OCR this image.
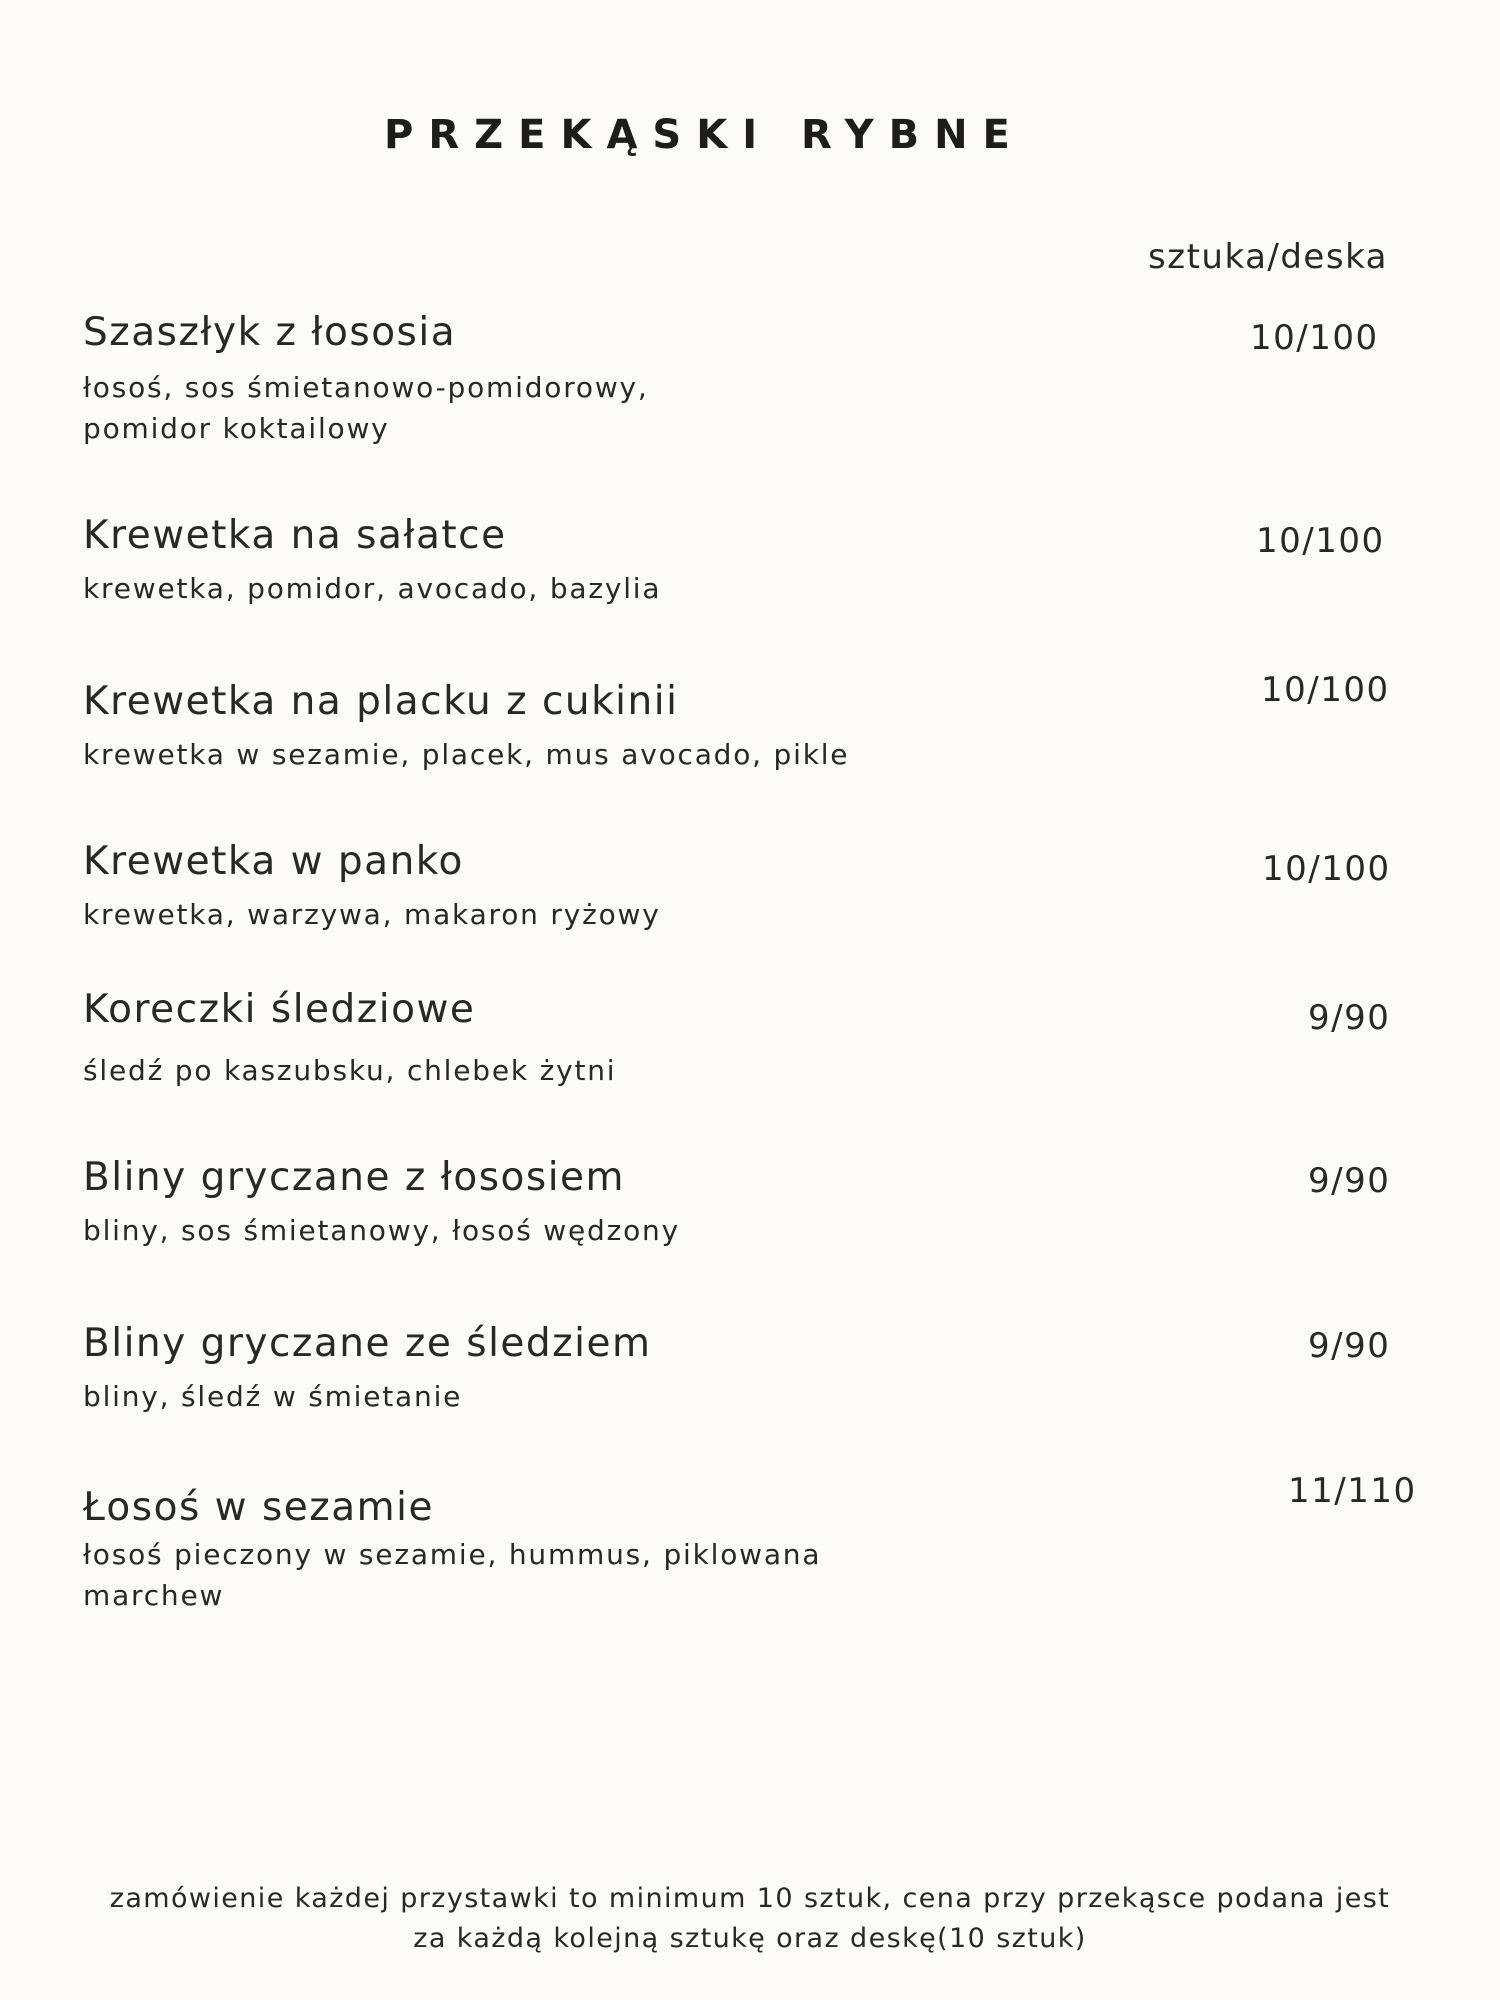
PRZEKĄSKI RYBNE
sztuka/deska
Szaszłyk z łososia
łosoś, sos śmietanowo-pomidorowy, pomidor koktailowy
10/100
Krewetka na sałatce
krewetka, pomidor, avocado, bazylia
10/100
Krewetka na placku z cukinii
krewetka w sezamie, placek, mus avocado, pikle
10/100
Krewetka w panko
krewetka, warzywa, makaron ryżowy
10/100
Koreczki śledziowe
śledź po kaszubsku, chlebek żytni
9/90
Bliny gryczane z łososiem
bliny, sos śmietanowy, łosoś wędzony
9/90
Bliny gryczane ze śledziem
bliny, śledź w śmietanie
9/90
Łosoś w sezamie
łosoś pieczony w sezamie, hummus, piklowana marchew
11/110
zamówienie każdej przystawki to minimum 10 sztuk, cena przy przekąsce podana jest
za każdą kolejną sztukę oraz deskę(10 sztuk)
